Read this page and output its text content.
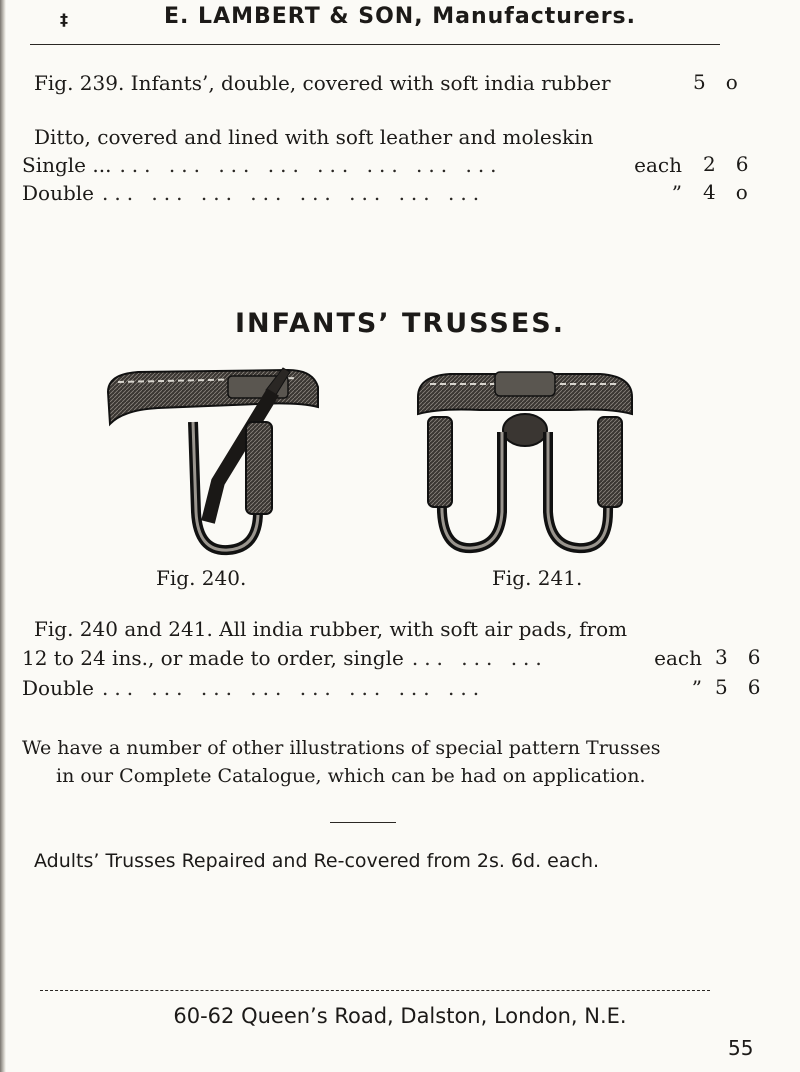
‡	E. LAMBERT & SON, Manufacturers.
Fig. 239. Infants’, double, covered with soft india rubber	5 o
Ditto, covered and lined with soft leather and moleskin
Single ... ... ... ... ... ... ... ... ...	each 2 6
Double ... ... ... ... ... ... ... ...	” 4 o
INFANTS’ TRUSSES.
Fig. 240.	Fig. 241.
Fig. 240 and 241. All india rubber, with soft air pads, from
12 to 24 ins., or made to order, single ... ... ...	each 3 6
Double ... ... ... ... ... ... ... ...	” 5 6
We have a number of other illustrations of special pattern Trusses
in our Complete Catalogue, which can be had on application.
Adults’ Trusses Repaired and Re-covered from 2s. 6d. each.
60-62 Queen’s Road, Dalston, London, N.E.
55
